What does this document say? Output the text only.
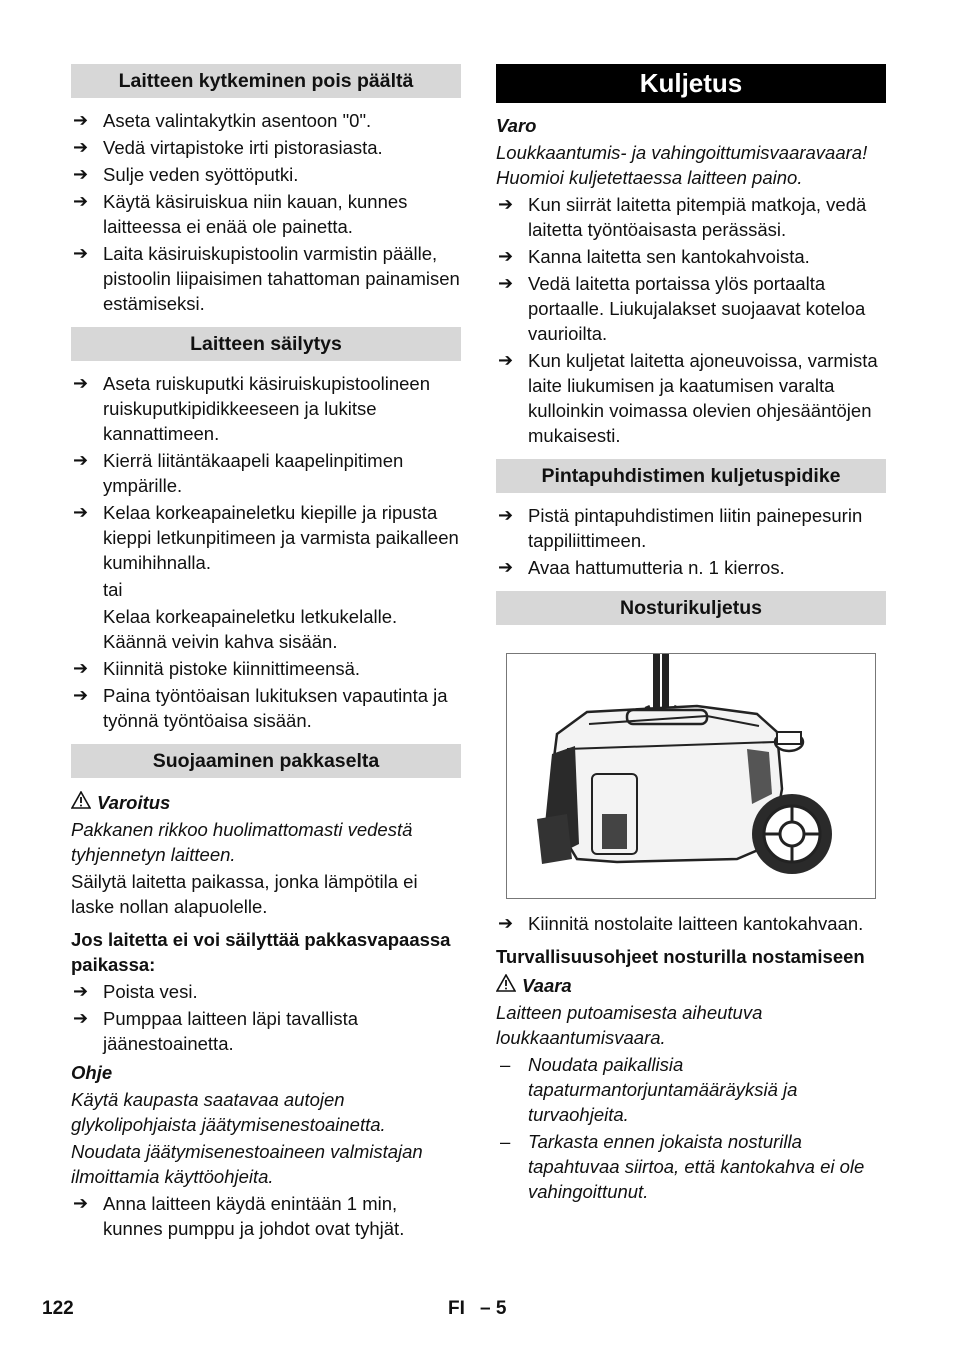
Laitteen kytkeminen pois päältä
➔ Aseta valintakytkin asentoon "0".
➔ Vedä virtapistoke irti pistorasiasta.
➔ Sulje veden syöttöputki.
➔ Käytä käsiruiskua niin kauan, kunnes laitteessa ei enää ole painetta.
➔ Laita käsiruiskupistoolin varmistin päälle, pistoolin liipaisimen tahattoman painamisen estämiseksi.
Laitteen säilytys
➔ Aseta ruiskuputki käsiruiskupistoolineen ruiskuputkipidikkeeseen ja lukitse kannattimeen.
➔ Kierrä liitäntäkaapeli kaapelinpitimen ympärille.
➔ Kelaa korkeapaineletku kiepille ja ripusta kieppi letkunpitimeen ja varmista paikalleen kumihihnalla.
tai
Kelaa korkeapaineletku letkukelalle. Käännä veivin kahva sisään.
➔ Kiinnitä pistoke kiinnittimeensä.
➔ Paina työntöaisan lukituksen vapautinta ja työnnä työntöaisa sisään.
Suojaaminen pakkaselta

Varoitus

Pakkanen rikkoo huolimattomasti vedestä tyhjennetyn laitteen.

Säilytä laitetta paikassa, jonka lämpötila ei laske nollan alapuolelle.

Jos laitetta ei voi säilyttää pakkasvapaassa paikassa:

➔ Poista vesi.
➔ Pumppaa laitteen läpi tavallista jäänestoainetta.

Ohje

Käytä kaupasta saatavaa autojen glykolipohjaista jäätymisenestoainetta.

Noudata jäätymisenestoaineen valmistajan ilmoittamia käyttöohjeita.

➔ Anna laitteen käydä enintään 1 min, kunnes pumppu ja johdot ovat tyhjät.
Kuljetus

Varo

Loukkaantumis- ja vahingoittumisvaaravaara! Huomioi kuljetettaessa laitteen paino.

➔ Kun siirrät laitetta pitempiä matkoja, vedä laitetta työntöaisasta perässäsi.
➔ Kanna laitetta sen kantokahvoista.
➔ Vedä laitetta portaissa ylös portaalta portaalle. Liukujalakset suojaavat koteloa vaurioilta.
➔ Kun kuljetat laitetta ajoneuvoissa, varmista laite liukumisen ja kaatumisen varalta kulloinkin voimassa olevien ohjesääntöjen mukaisesti.
Pintapuhdistimen kuljetuspidike
➔ Pistä pintapuhdistimen liitin painepesurin tappiliittimeen.
➔ Avaa hattumutteria n. 1 kierros.
Nosturikuljetus
➔ Kiinnitä nostolaite laitteen kantokahvaan.

Turvallisuusohjeet nosturilla nostamiseen

Vaara

Laitteen putoamisesta aiheutuva loukkaantumisvaara.

– Noudata paikallisia tapaturmantorjuntamääräyksiä ja turvaohjeita.
– Tarkasta ennen jokaista nosturilla tapahtuvaa siirtoa, että kantokahva ei ole vahingoittunut.
122	FI – 5
